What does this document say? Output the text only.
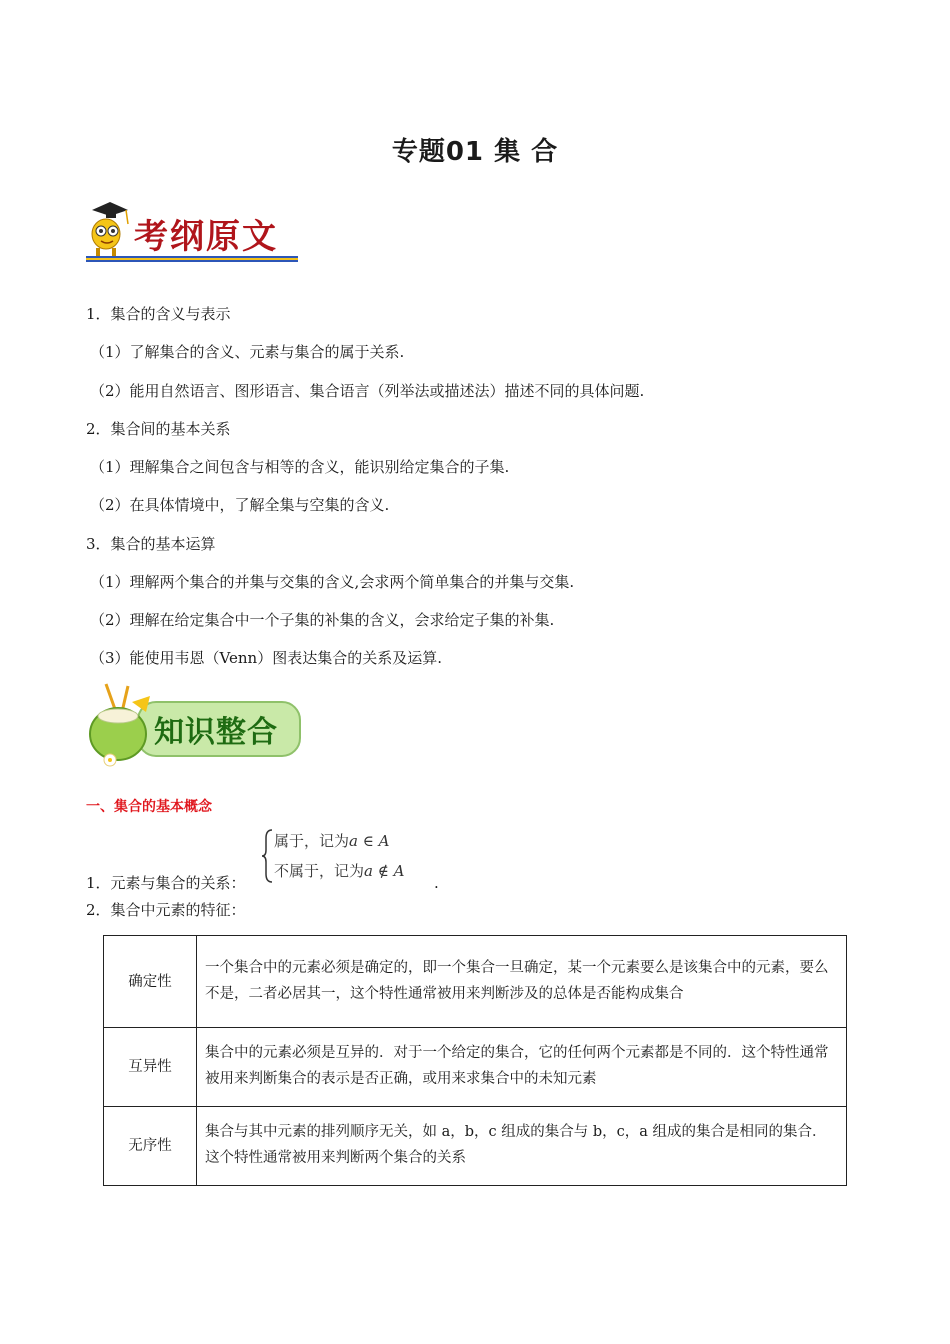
专题01 集 合
考纲原文
1．集合的含义与表示
（1）了解集合的含义、元素与集合的属于关系.
（2）能用自然语言、图形语言、集合语言（列举法或描述法）描述不同的具体问题.
2．集合间的基本关系
（1）理解集合之间包含与相等的含义，能识别给定集合的子集.
（2）在具体情境中，了解全集与空集的含义.
3．集合的基本运算
（1）理解两个集合的并集与交集的含义,会求两个简单集合的并集与交集.
（2）理解在给定集合中一个子集的补集的含义，会求给定子集的补集.
（3）能使用韦恩（Venn）图表达集合的关系及运算.
知识整合
一、集合的基本概念
1．元素与集合的关系：
属于，记为a ∈ A
不属于，记为a ∉ A
.
2．集合中元素的特征：
确定性	一个集合中的元素必须是确定的，即一个集合一旦确定，某一个元素要么是该集合中的元素，要么不是，二者必居其一，这个特性通常被用来判断涉及的总体是否能构成集合
互异性	集合中的元素必须是互异的．对于一个给定的集合，它的任何两个元素都是不同的．这个特性通常被用来判断集合的表示是否正确，或用来求集合中的未知元素
无序性	集合与其中元素的排列顺序无关，如 a，b，c 组成的集合与 b，c，a 组成的集合是相同的集合．这个特性通常被用来判断两个集合的关系
